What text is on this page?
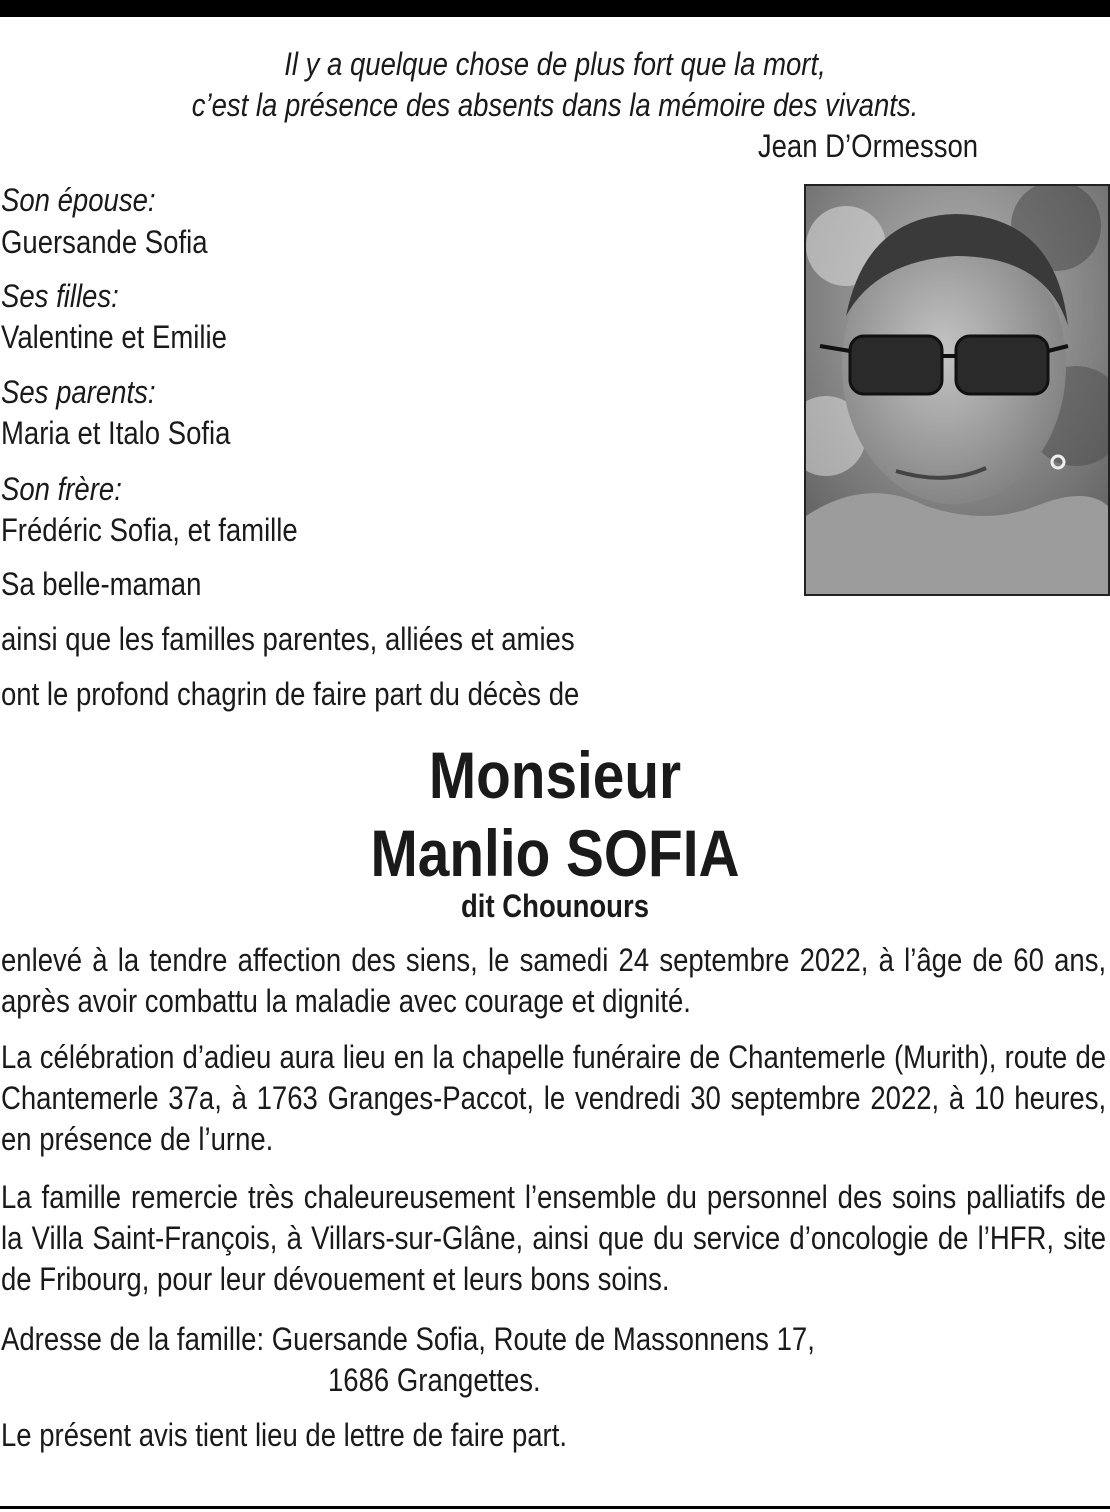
Il y a quelque chose de plus fort que la mort,
c’est la présence des absents dans la mémoire des vivants.
Jean D’Ormesson
Son épouse:
Guersande Sofia
Ses filles:
Valentine et Emilie
Ses parents:
Maria et Italo Sofia
Son frère:
Frédéric Sofia, et famille
Sa belle-maman
ainsi que les familles parentes, alliées et amies
ont le profond chagrin de faire part du décès de
Monsieur
Manlio SOFIA
dit Chounours

enlevé à la tendre affection des siens, le samedi 24 septembre 2022, à l’âge de 60 ans, après avoir combattu la maladie avec courage et dignité.

La célébration d’adieu aura lieu en la chapelle funéraire de Chantemerle (Murith), route de Chantemerle 37a, à 1763 Granges-Paccot, le vendredi 30 septembre 2022, à 10 heures, en présence de l’urne.

La famille remercie très chaleureusement l’ensemble du personnel des soins palliatifs de la Villa Saint-François, à Villars-sur-Glâne, ainsi que du service d’oncologie de l’HFR, site de Fribourg, pour leur dévouement et leurs bons soins.

Adresse de la famille: Guersande Sofia, Route de Massonnens 17,
1686 Grangettes.
Le présent avis tient lieu de lettre de faire part.
